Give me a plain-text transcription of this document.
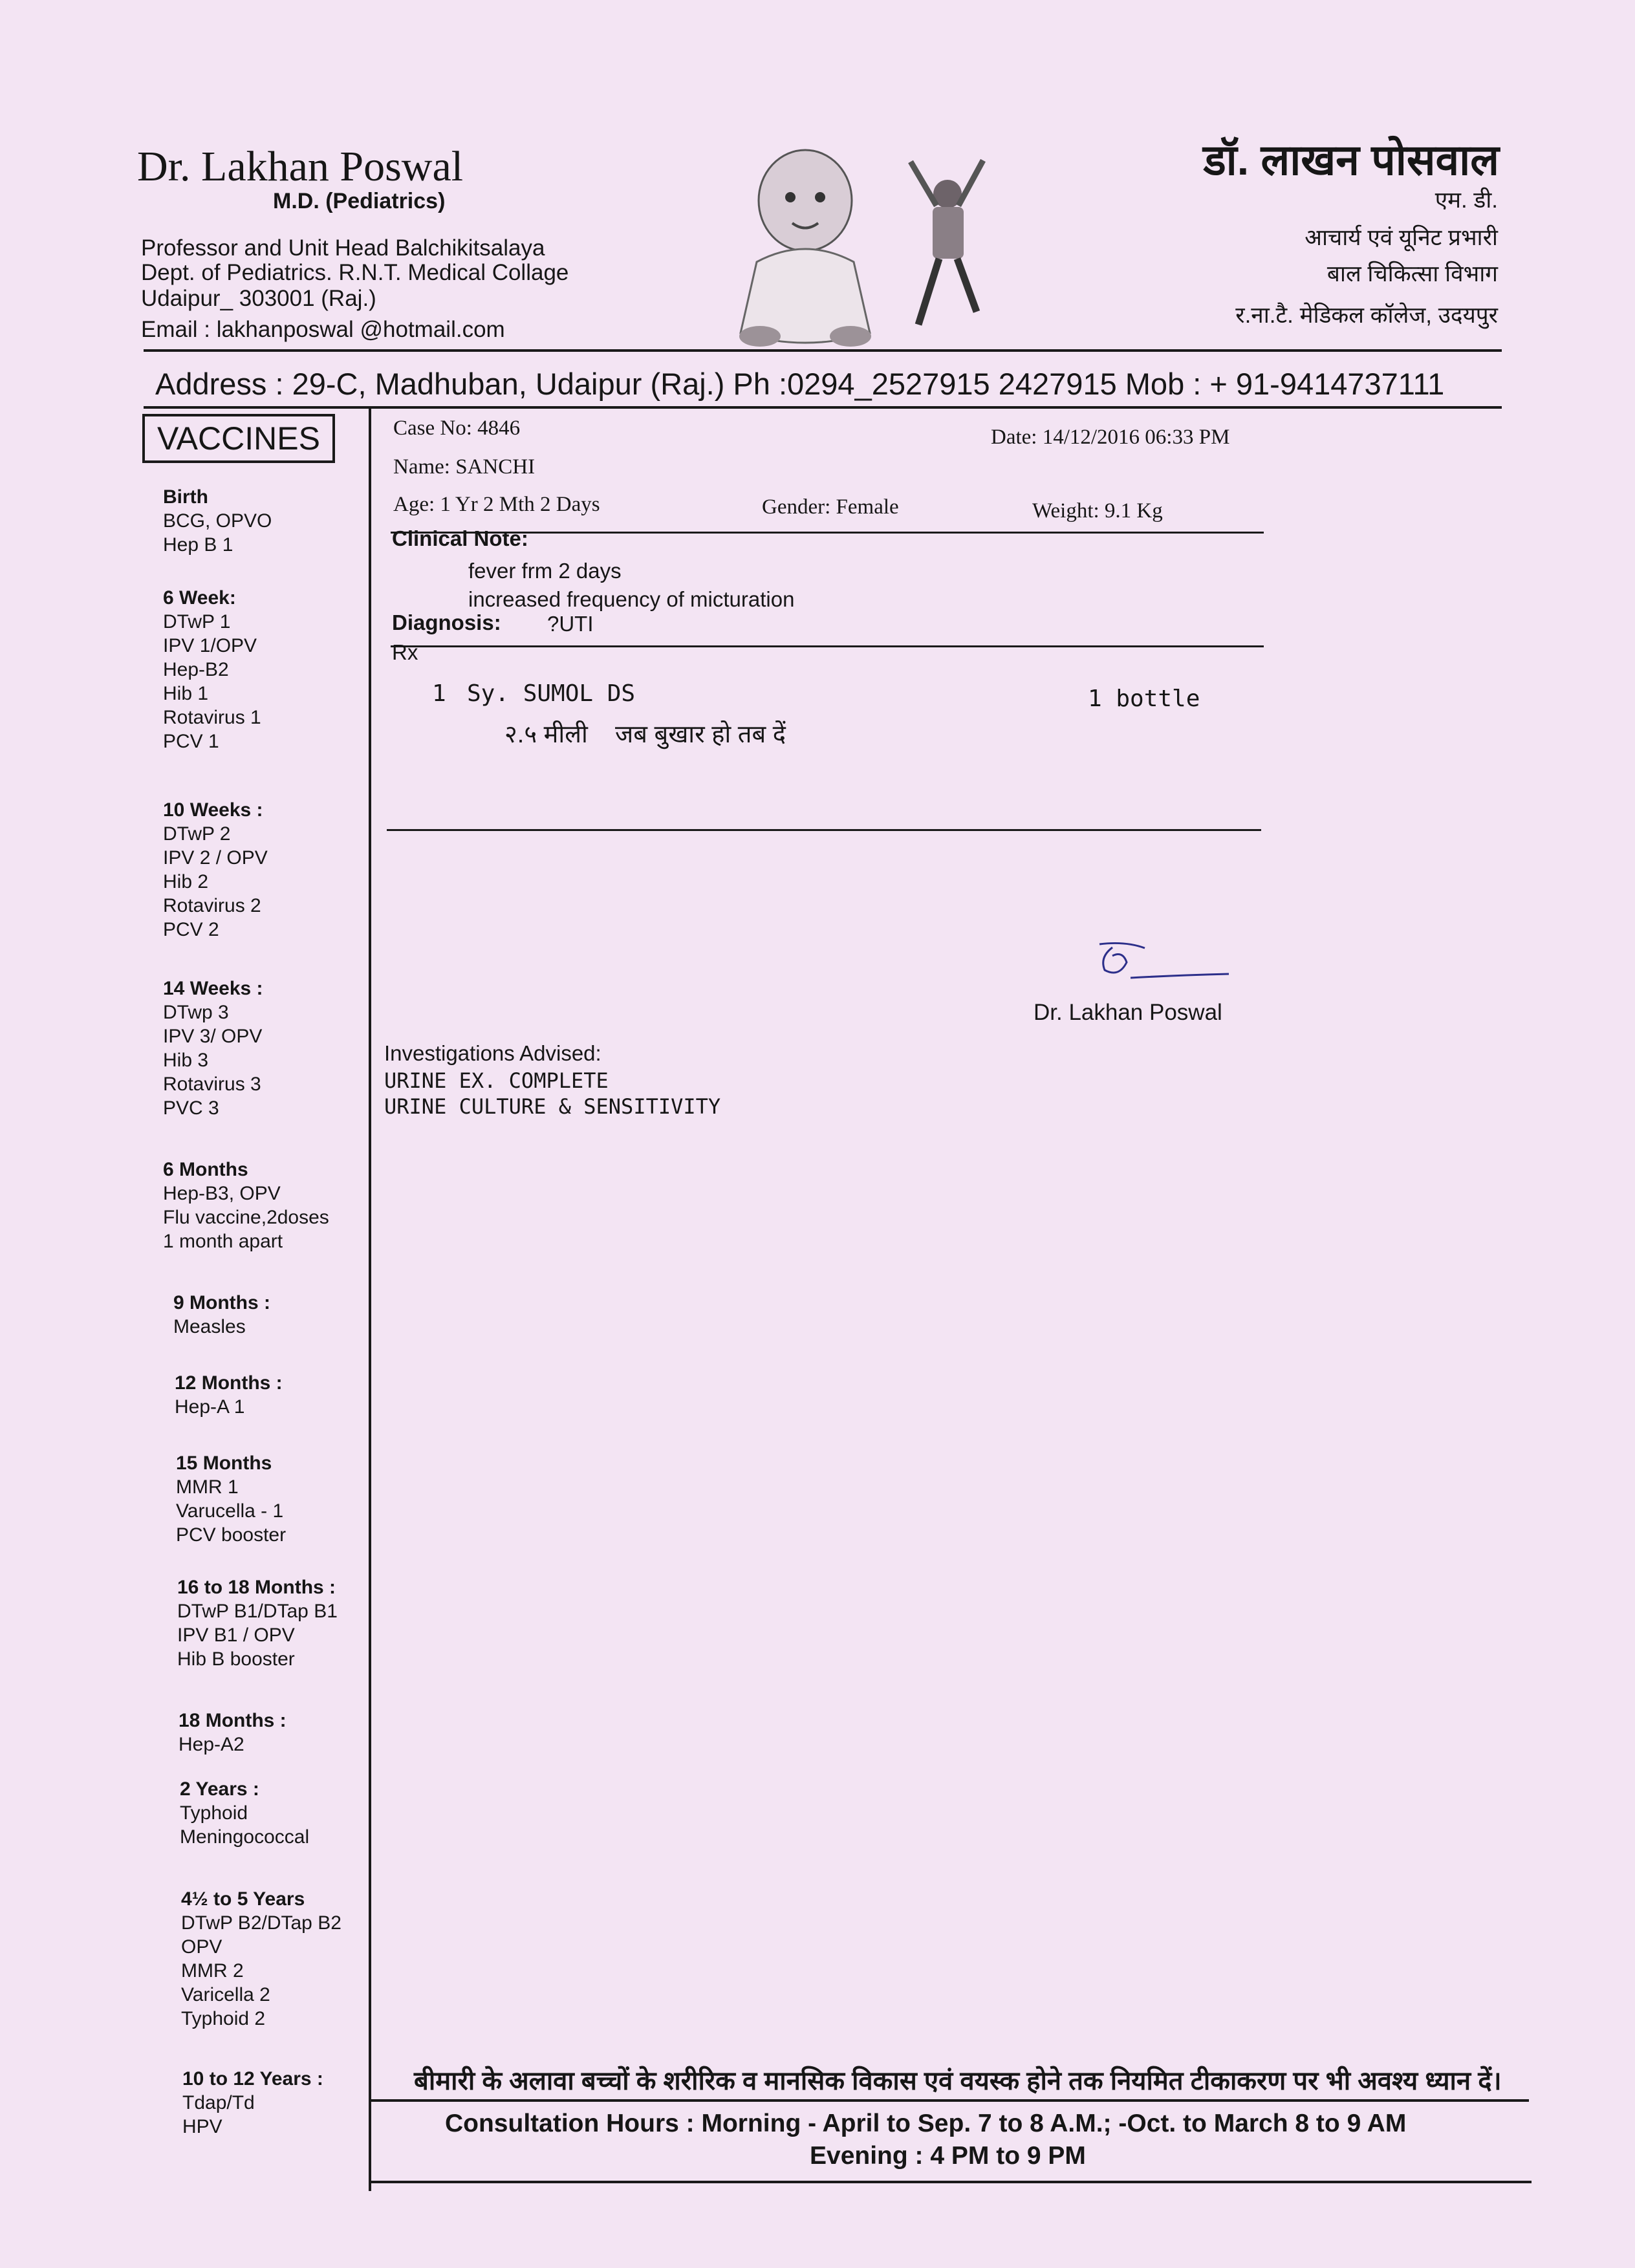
Dr. Lakhan Poswal
M.D. (Pediatrics)
Professor and Unit Head Balchikitsalaya
Dept. of Pediatrics. R.N.T. Medical Collage
Udaipur_ 303001 (Raj.)
Email : lakhanposwal @hotmail.com
डॉ. लाखन पोसवाल
एम. डी.
आचार्य एवं यूनिट प्रभारी
बाल चिकित्सा विभाग
र.ना.टै. मेडिकल कॉलेज, उदयपुर
Address : 29-C, Madhuban, Udaipur (Raj.) Ph :0294_2527915 2427915 Mob : + 91-9414737111
VACCINES
Birth
BCG, OPVO
Hep B 1
6 Week:
DTwP 1
IPV 1/OPV
Hep-B2
Hib 1
Rotavirus 1
PCV 1
10 Weeks :
DTwP 2
IPV 2 / OPV
Hib 2
Rotavirus 2
PCV 2
14 Weeks :
DTwp 3
IPV 3/ OPV
Hib 3
Rotavirus 3
PVC 3
6 Months
Hep-B3, OPV
Flu vaccine,2doses
1 month apart
9 Months :
Measles
12 Months :
Hep-A 1
15 Months
MMR 1
Varucella - 1
PCV booster
16 to 18 Months :
DTwP B1/DTap B1
IPV B1 / OPV
Hib B booster
18 Months :
Hep-A2
2 Years :
Typhoid
Meningococcal
4½ to 5 Years
DTwP B2/DTap B2
OPV
MMR 2
Varicella 2
Typhoid 2
10 to 12 Years :
Tdap/Td
HPV
Case No: 4846	Date: 14/12/2016 06:33 PM
Name: SANCHI
Age: 1 Yr 2 Mth 2 Days	Gender: Female	Weight: 9.1 Kg
Clinical Note:
fever frm 2 days
increased frequency of micturation
Diagnosis: ?UTI
Rx
1 Sy. SUMOL DS	1 bottle
२.५ मीली    जब बुखार हो तब दें
Dr. Lakhan Poswal
Investigations Advised:
URINE EX. COMPLETE
URINE CULTURE & SENSITIVITY
बीमारी के अलावा बच्चों के शरीरिक व मानसिक विकास एवं वयस्क होने तक नियमित टीकाकरण पर भी अवश्य ध्यान दें।
Consultation Hours : Morning - April to Sep. 7 to 8 A.M.; -Oct. to March 8 to 9 AM
Evening : 4 PM to 9 PM
